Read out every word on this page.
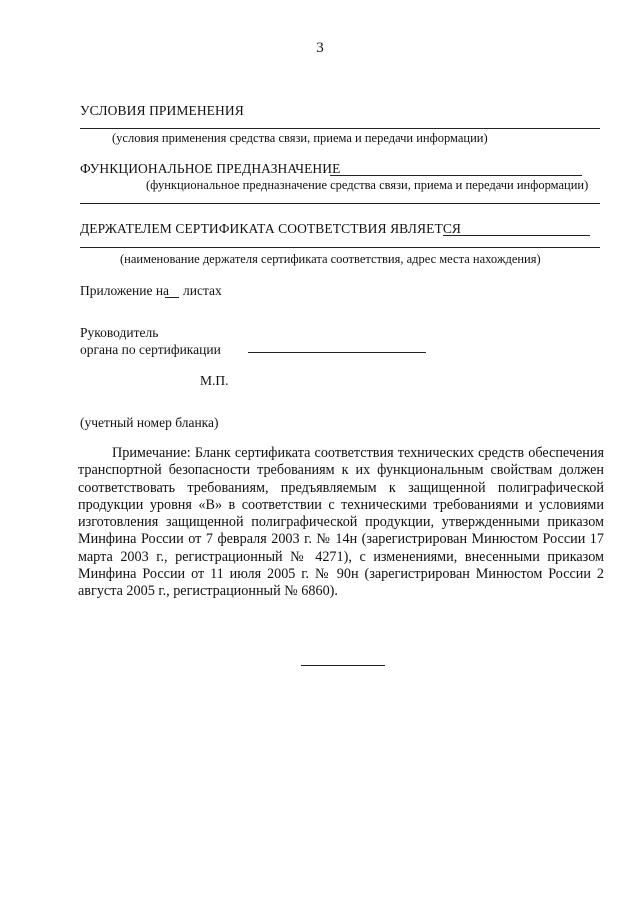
3
УСЛОВИЯ ПРИМЕНЕНИЯ
(условия применения средства связи, приема и передачи информации)
ФУНКЦИОНАЛЬНОЕ ПРЕДНАЗНАЧЕНИЕ
(функциональное предназначение средства связи, приема и передачи информации)
ДЕРЖАТЕЛЕМ СЕРТИФИКАТА СООТВЕТСТВИЯ ЯВЛЯЕТСЯ
(наименование держателя сертификата соответствия, адрес места нахождения)
Приложение на листах
Руководитель
органа по сертификации
М.П.
(учетный номер бланка)
Примечание: Бланк сертификата соответствия технических средств обеспечения транспортной безопасности требованиям к их функциональным свойствам должен соответствовать требованиям, предъявляемым к защищенной полиграфической продукции уровня «В» в соответствии с техническими требованиями и условиями изготовления защищенной полиграфической продукции, утвержденными приказом Минфина России от 7 февраля 2003 г. № 14н (зарегистрирован Минюстом России 17 марта 2003 г., регистрационный № 4271), с изменениями, внесенными приказом Минфина России от 11 июля 2005 г. № 90н (зарегистрирован Минюстом России 2 августа 2005 г., регистрационный № 6860).
